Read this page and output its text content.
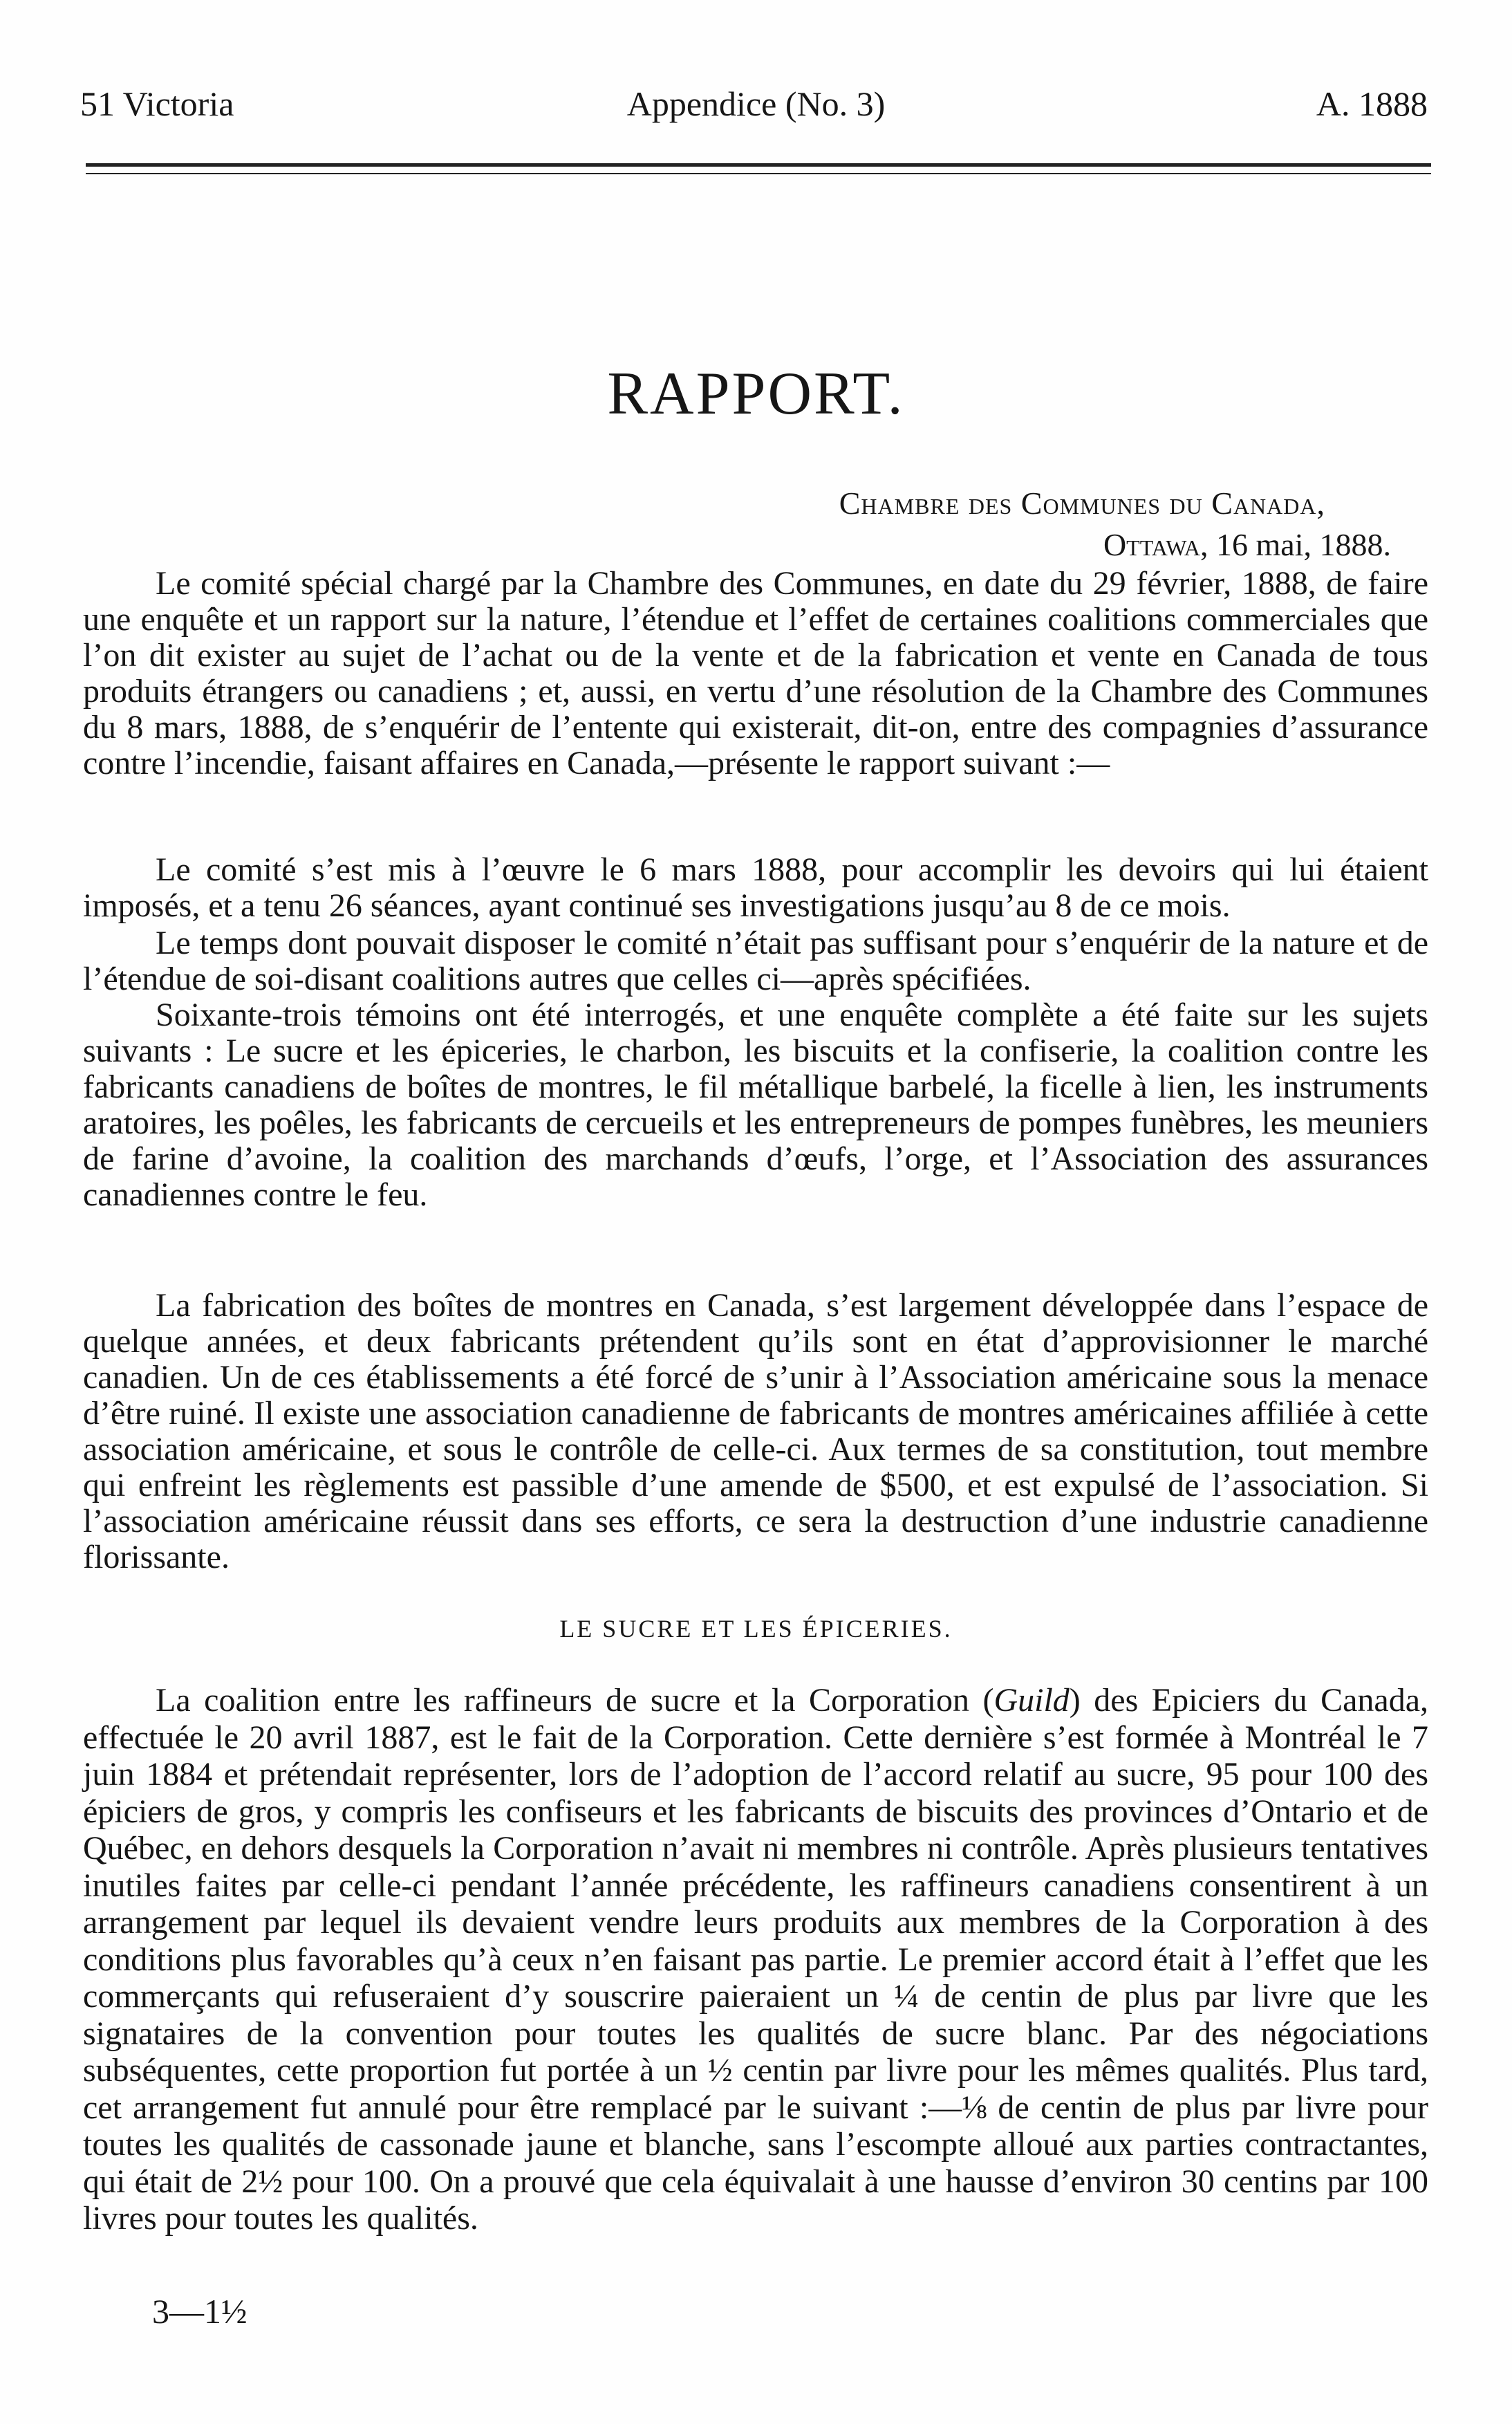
51 Victoria	Appendice (No. 3)	A. 1888
RAPPORT.
Chambre des Communes du Canada,
Ottawa, 16 mai, 1888.

Le comité spécial chargé par la Chambre des Communes, en date du 29 février, 1888, de faire une enquête et un rapport sur la nature, l’étendue et l’effet de certaines coalitions commerciales que l’on dit exister au sujet de l’achat ou de la vente et de la fabrication et vente en Canada de tous produits étrangers ou canadiens ; et, aussi, en vertu d’une résolution de la Chambre des Communes du 8 mars, 1888, de s’enquérir de l’entente qui existerait, dit-on, entre des compagnies d’assurance contre l’incendie, faisant affaires en Canada,—présente le rapport suivant :—

Le comité s’est mis à l’œuvre le 6 mars 1888, pour accomplir les devoirs qui lui étaient imposés, et a tenu 26 séances, ayant continué ses investigations jusqu’au 8 de ce mois.

Le temps dont pouvait disposer le comité n’était pas suffisant pour s’enquérir de la nature et de l’étendue de soi-disant coalitions autres que celles ci—après spécifiées.

Soixante-trois témoins ont été interrogés, et une enquête complète a été faite sur les sujets suivants : Le sucre et les épiceries, le charbon, les biscuits et la confiserie, la coalition contre les fabricants canadiens de boîtes de montres, le fil métallique barbelé, la ficelle à lien, les instruments aratoires, les poêles, les fabricants de cercueils et les entrepreneurs de pompes funèbres, les meuniers de farine d’avoine, la coalition des marchands d’œufs, l’orge, et l’Association des assurances canadiennes contre le feu.

La fabrication des boîtes de montres en Canada, s’est largement développée dans l’espace de quelque années, et deux fabricants prétendent qu’ils sont en état d’approvisionner le marché canadien. Un de ces établissements a été forcé de s’unir à l’Association américaine sous la menace d’être ruiné. Il existe une association canadienne de fabricants de montres américaines affiliée à cette association américaine, et sous le contrôle de celle-ci. Aux termes de sa constitution, tout membre qui enfreint les règlements est passible d’une amende de $500, et est expulsé de l’association. Si l’association américaine réussit dans ses efforts, ce sera la destruction d’une industrie canadienne florissante.

LE SUCRE ET LES ÉPICERIES.

La coalition entre les raffineurs de sucre et la Corporation (Guild) des Epiciers du Canada, effectuée le 20 avril 1887, est le fait de la Corporation. Cette dernière s’est formée à Montréal le 7 juin 1884 et prétendait représenter, lors de l’adoption de l’accord relatif au sucre, 95 pour 100 des épiciers de gros, y compris les confiseurs et les fabricants de biscuits des provinces d’Ontario et de Québec, en dehors desquels la Corporation n’avait ni membres ni contrôle. Après plusieurs tentatives inutiles faites par celle-ci pendant l’année précédente, les raffineurs canadiens consentirent à un arrangement par lequel ils devaient vendre leurs produits aux membres de la Corporation à des conditions plus favorables qu’à ceux n’en faisant pas partie. Le premier accord était à l’effet que les commerçants qui refuseraient d’y souscrire paieraient un ¼ de centin de plus par livre que les signataires de la convention pour toutes les qualités de sucre blanc. Par des négociations subséquentes, cette proportion fut portée à un ½ centin par livre pour les mêmes qualités. Plus tard, cet arrangement fut annulé pour être remplacé par le suivant :—⅛ de centin de plus par livre pour toutes les qualités de cassonade jaune et blanche, sans l’escompte alloué aux parties contractantes, qui était de 2½ pour 100. On a prouvé que cela équivalait à une hausse d’environ 30 centins par 100 livres pour toutes les qualités.

3—1½
